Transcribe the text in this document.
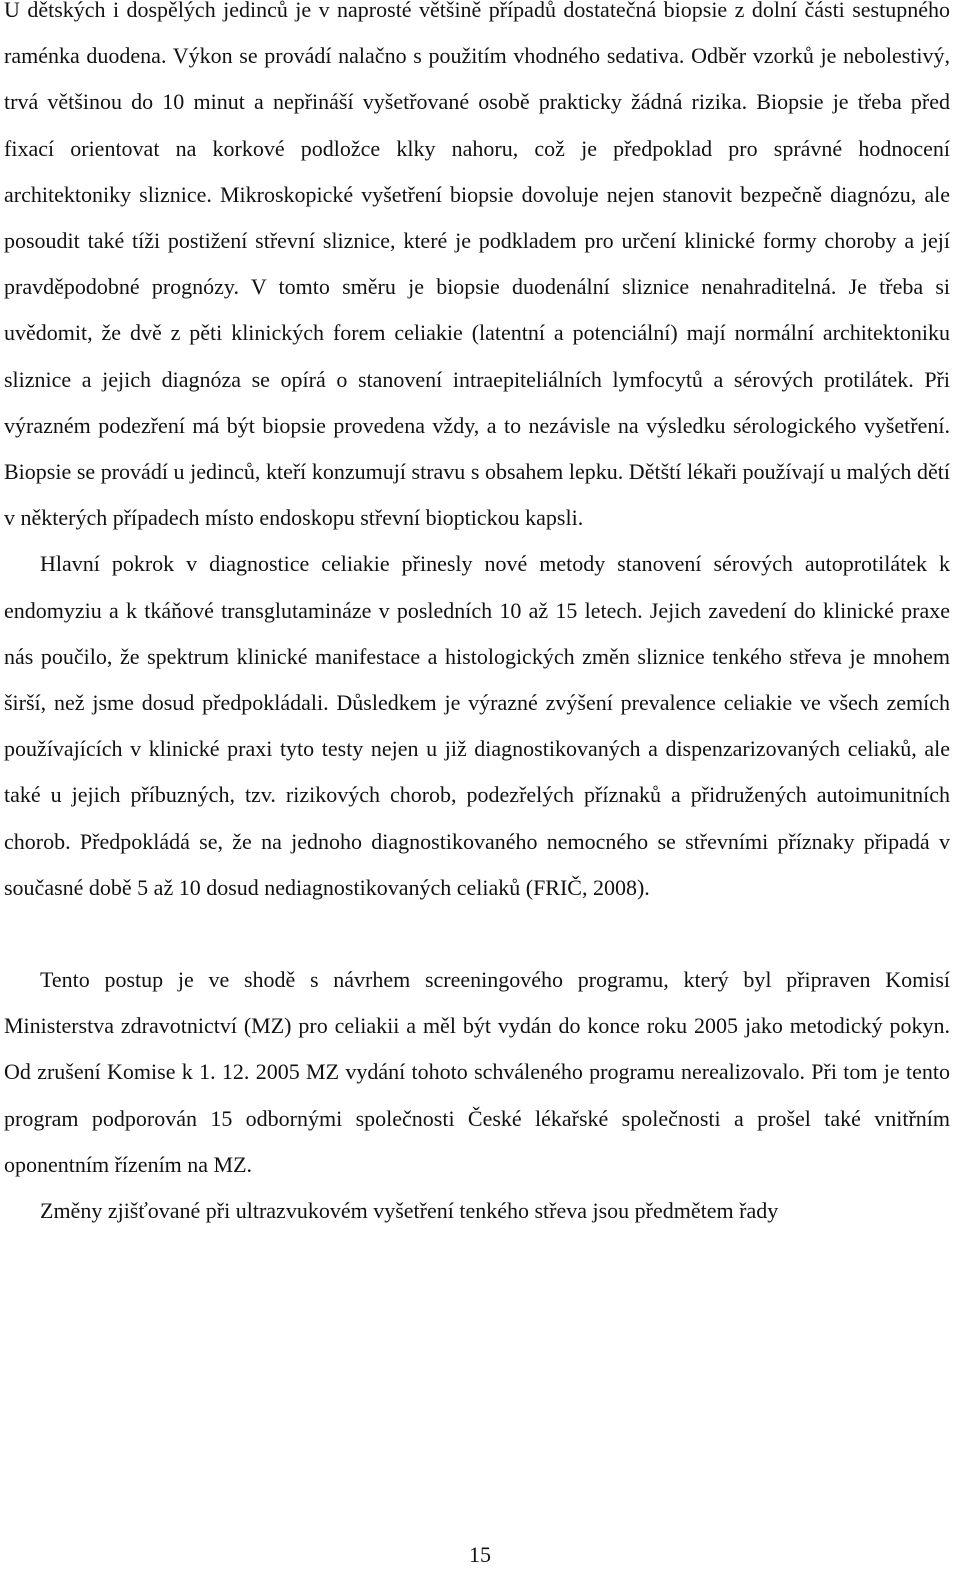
U dětských i dospělých jedinců je v naprosté většině případů dostatečná biopsie z dolní části sestupného raménka duodena. Výkon se provádí nalačno s použitím vhodného sedativa. Odběr vzorků je nebolestivý, trvá většinou do 10 minut a nepřináší vyšetřované osobě prakticky žádná rizika. Biopsie je třeba před fixací orientovat na korkové podložce klky nahoru, což je předpoklad pro správné hodnocení architektoniky sliznice. Mikroskopické vyšetření biopsie dovoluje nejen stanovit bezpečně diagnózu, ale posoudit také tíži postižení střevní sliznice, které je podkladem pro určení klinické formy choroby a její pravděpodobné prognózy. V tomto směru je biopsie duodenální sliznice nenahraditelná. Je třeba si uvědomit, že dvě z pěti klinických forem celiakie (latentní a potenciální) mají normální architektoniku sliznice a jejich diagnóza se opírá o stanovení intraepiteliálních lymfocytů a sérových protilátek. Při výrazném podezření má být biopsie provedena vždy, a to nezávisle na výsledku sérologického vyšetření. Biopsie se provádí u jedinců, kteří konzumují stravu s obsahem lepku. Dětští lékaři používají u malých dětí v některých případech místo endoskopu střevní bioptickou kapsli.

Hlavní pokrok v diagnostice celiakie přinesly nové metody stanovení sérových autoprotilátek k endomyziu a k tkáňové transglutamináze v posledních 10 až 15 letech. Jejich zavedení do klinické praxe nás poučilo, že spektrum klinické manifestace a histologických změn sliznice tenkého střeva je mnohem širší, než jsme dosud předpokládali. Důsledkem je výrazné zvýšení prevalence celiakie ve všech zemích používajících v klinické praxi tyto testy nejen u již diagnostikovaných a dispenzarizovaných celiaků, ale také u jejich příbuzných, tzv. rizikových chorob, podezřelých příznaků a přidružených autoimunitních chorob. Předpokládá se, že na jednoho diagnostikovaného nemocného se střevními příznaky připadá v současné době 5 až 10 dosud nediagnostikovaných celiaků (FRIČ, 2008).

Tento postup je ve shodě s návrhem screeningového programu, který byl připraven Komisí Ministerstva zdravotnictví (MZ) pro celiakii a měl být vydán do konce roku 2005 jako metodický pokyn. Od zrušení Komise k 1. 12. 2005 MZ vydání tohoto schváleného programu nerealizovalo. Při tom je tento program podporován 15 odbornými společnosti České lékařské společnosti a prošel také vnitřním oponentním řízením na MZ.

Změny zjišťované při ultrazvukovém vyšetření tenkého střeva jsou předmětem řady

15
